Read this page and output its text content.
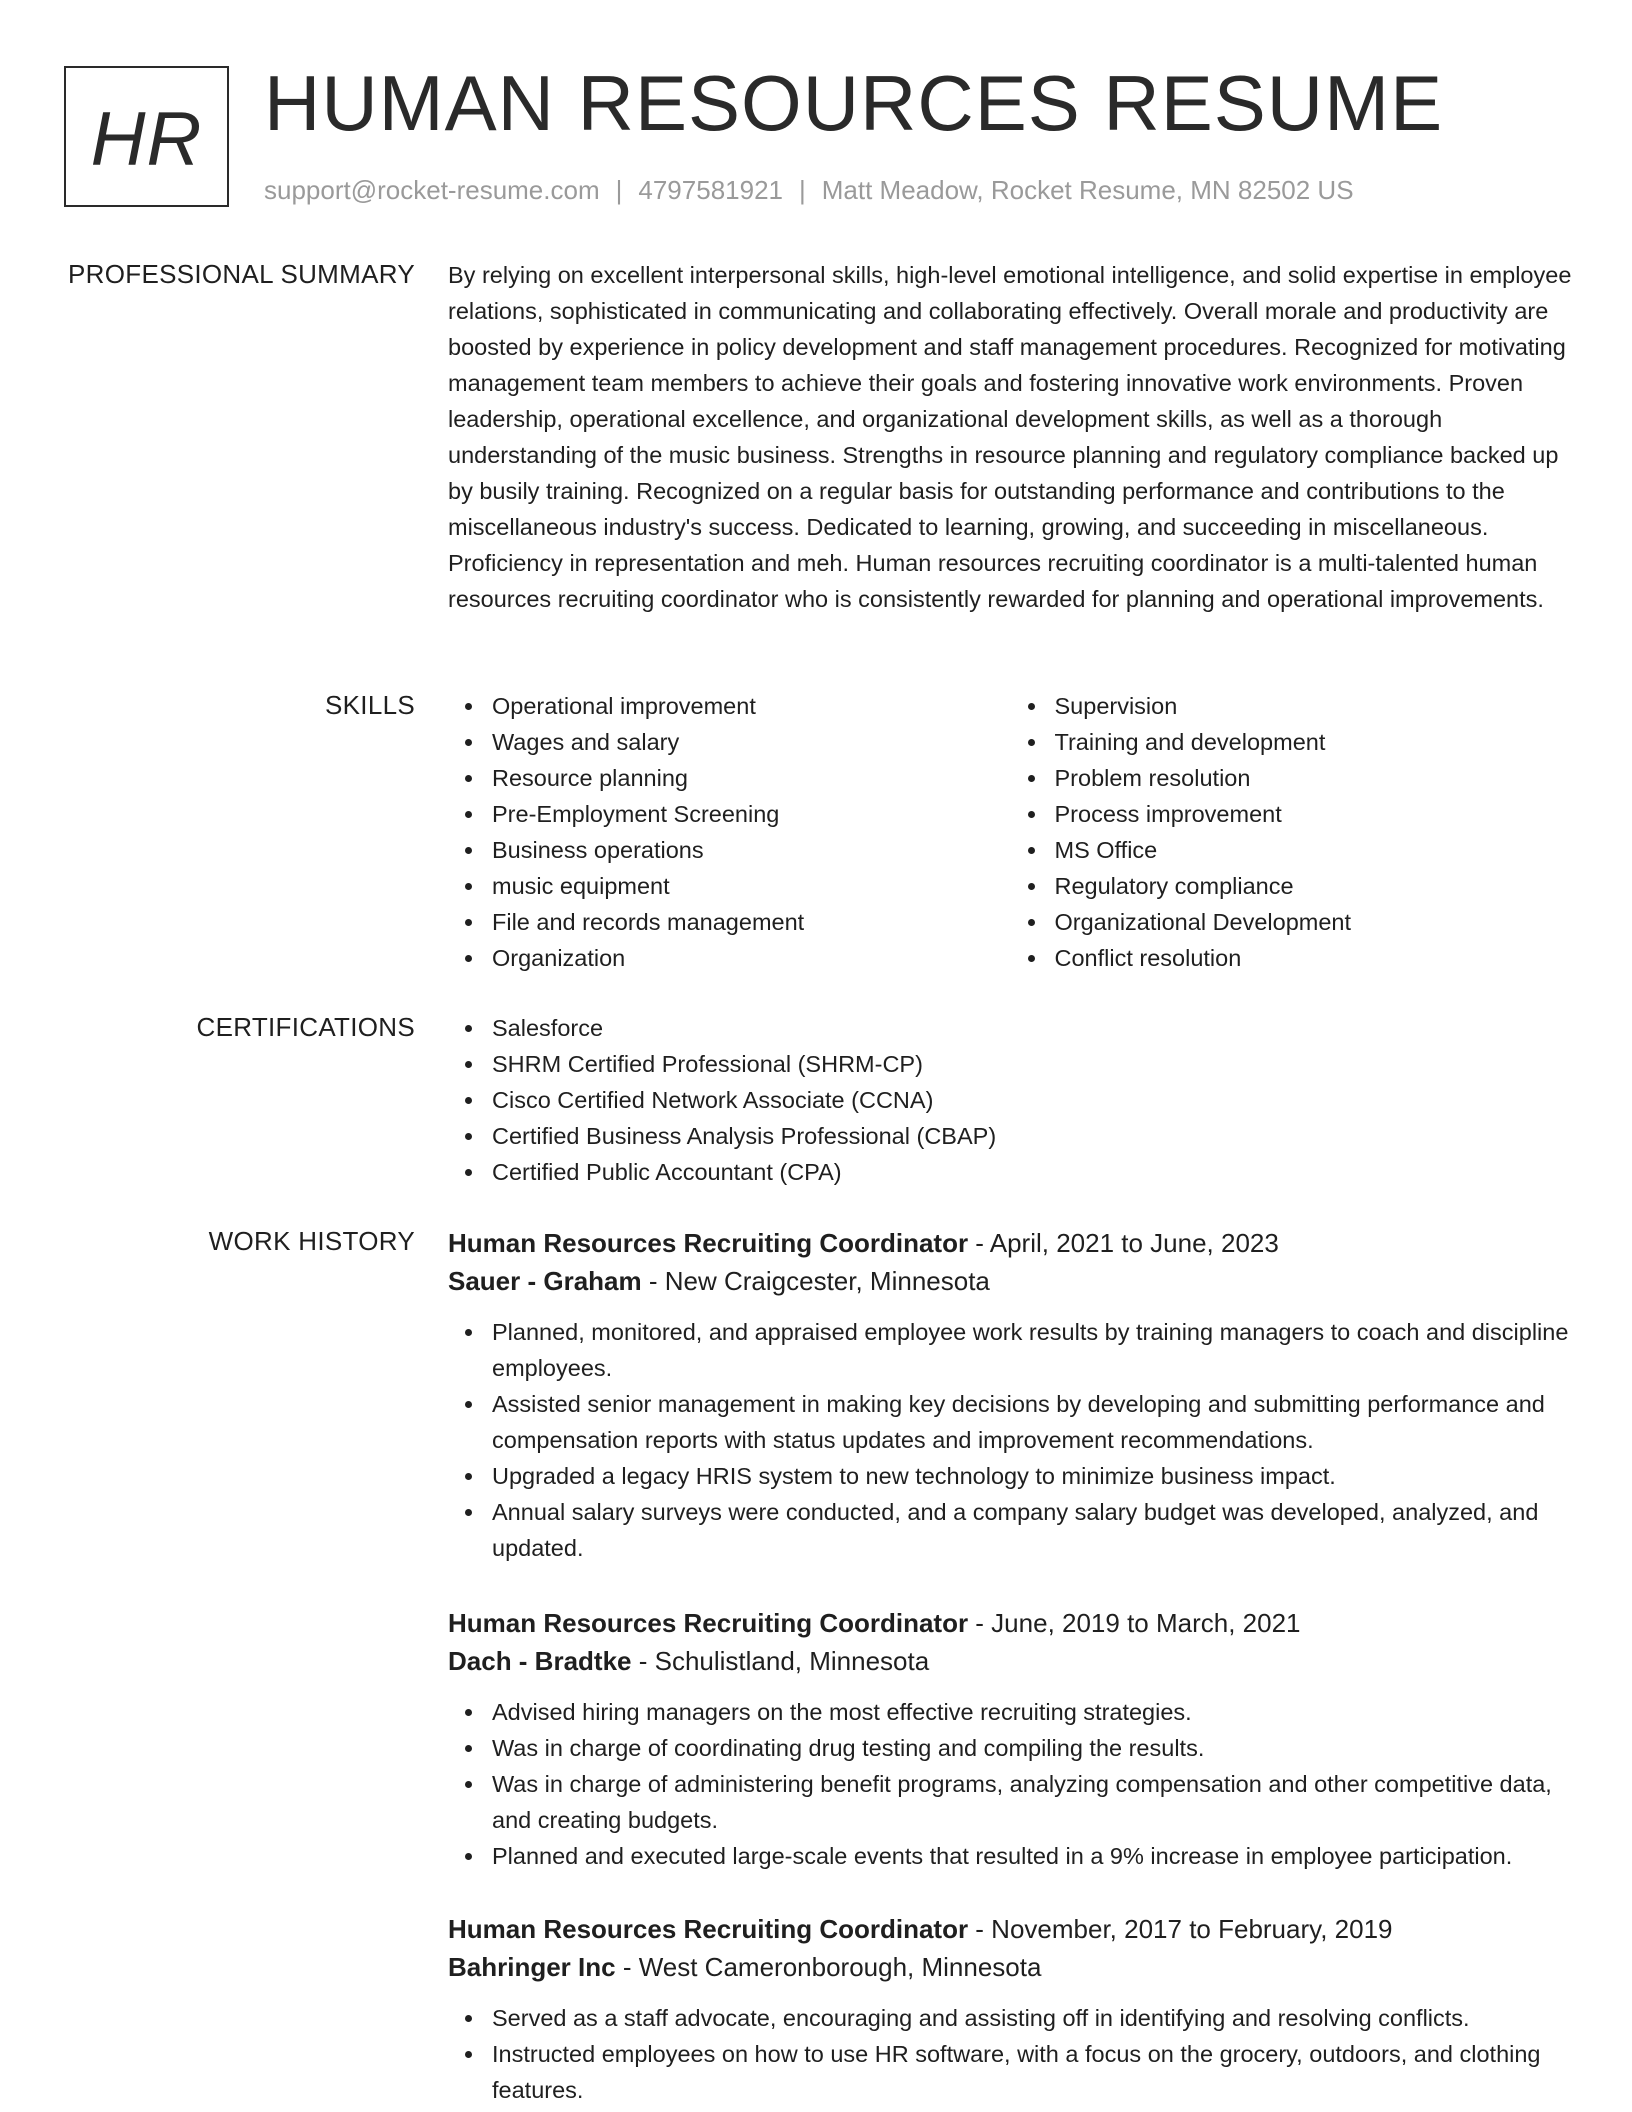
HR HUMAN RESOURCES RESUME
support@rocket-resume.com | 4797581921 | Matt Meadow, Rocket Resume, MN 82502 US
PROFESSIONAL SUMMARY By relying on excellent interpersonal skills, high-level emotional intelligence, and solid expertise in employee relations, sophisticated in communicating and collaborating effectively. Overall morale and productivity are boosted by experience in policy development and staff management procedures. Recognized for motivating management team members to achieve their goals and fostering innovative work environments. Proven leadership, operational excellence, and organizational development skills, as well as a thorough understanding of the music business. Strengths in resource planning and regulatory compliance backed up by busily training. Recognized on a regular basis for outstanding performance and contributions to the miscellaneous industry's success. Dedicated to learning, growing, and succeeding in miscellaneous. Proficiency in representation and meh. Human resources recruiting coordinator is a multi-talented human resources recruiting coordinator who is consistently rewarded for planning and operational improvements.

SKILLS	Operational improvement
Wages and salary
Resource planning
Pre-Employment Screening
Business operations
music equipment
File and records management
Organization
Supervision
Training and development
Problem resolution
Process improvement
MS Office
Regulatory compliance
Organizational Development
Conflict resolution
CERTIFICATIONS	Salesforce
SHRM Certified Professional (SHRM-CP)
Cisco Certified Network Associate (CCNA)
Certified Business Analysis Professional (CBAP)
Certified Public Accountant (CPA)
WORK HISTORY Human Resources Recruiting Coordinator - April, 2021 to June, 2023
Sauer - Graham - New Craigcester, Minnesota
Planned, monitored, and appraised employee work results by training managers to coach and discipline employees.
Assisted senior management in making key decisions by developing and submitting performance and compensation reports with status updates and improvement recommendations.
Upgraded a legacy HRIS system to new technology to minimize business impact.
Annual salary surveys were conducted, and a company salary budget was developed, analyzed, and updated.
Human Resources Recruiting Coordinator - June, 2019 to March, 2021
Dach - Bradtke - Schulistland, Minnesota
Advised hiring managers on the most effective recruiting strategies.
Was in charge of coordinating drug testing and compiling the results.
Was in charge of administering benefit programs, analyzing compensation and other competitive data, and creating budgets.
Planned and executed large-scale events that resulted in a 9% increase in employee participation.
Human Resources Recruiting Coordinator - November, 2017 to February, 2019
Bahringer Inc - West Cameronborough, Minnesota
Served as a staff advocate, encouraging and assisting off in identifying and resolving conflicts.
Instructed employees on how to use HR software, with a focus on the grocery, outdoors, and clothing features.
